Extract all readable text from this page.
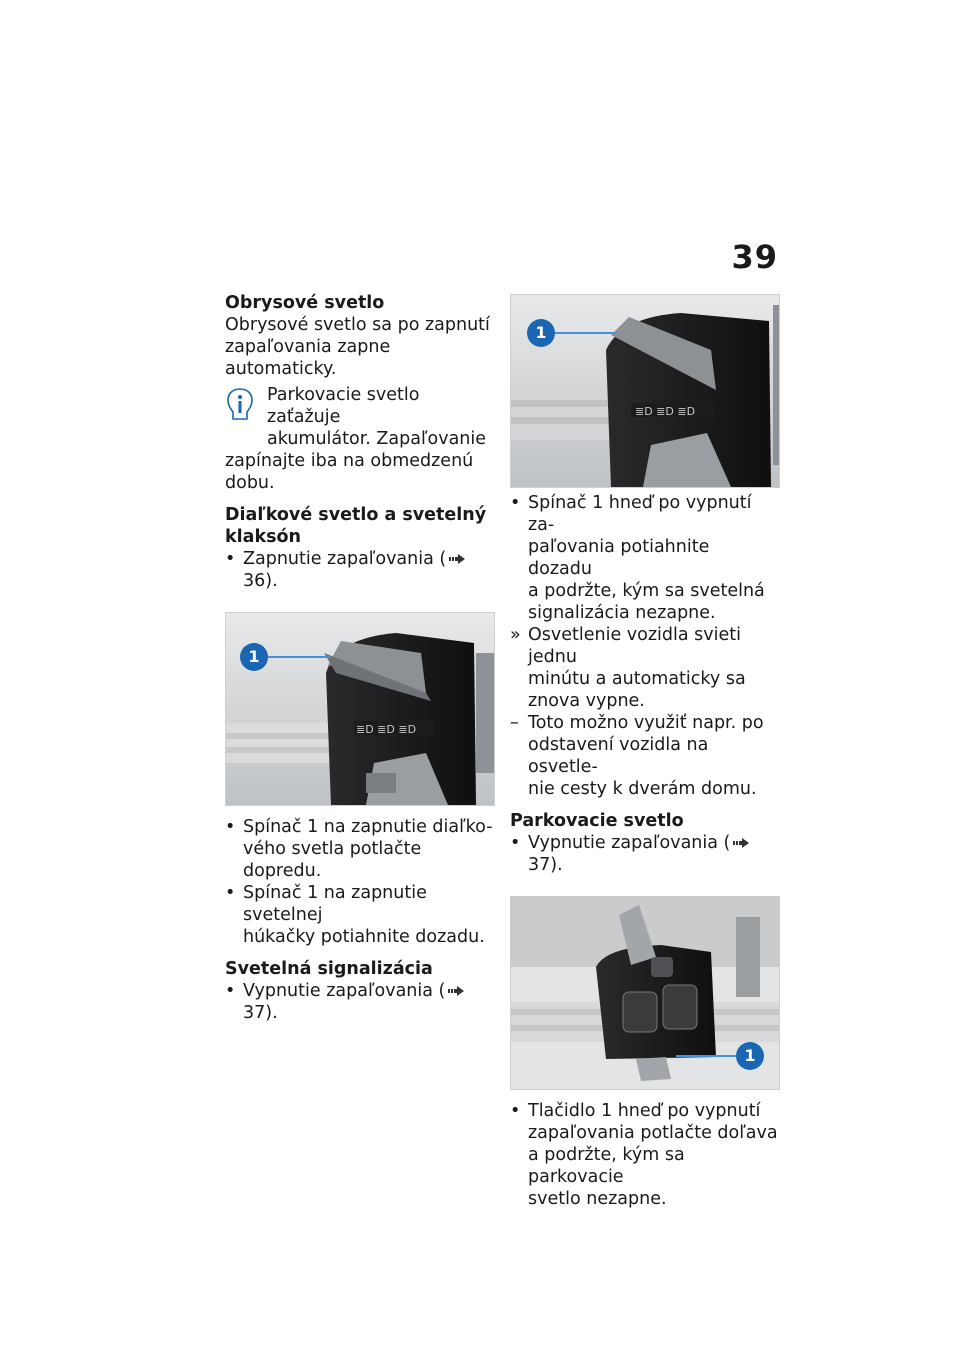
39
Obrysové svetlo
Obrysové svetlo sa po zapnutí
zapaľovania zapne automaticky.
Parkovacie svetlo zaťažuje
akumulátor. Zapaľovanie
zapínajte iba na obmedzenú
dobu.
Diaľkové svetlo a svetelný
klaksón
• Zapnutie zapaľovania (36).
≣D ≣D ≣D
1
• Spínač 1 na zapnutie diaľko-
vého svetla potlačte dopredu.
• Spínač 1 na zapnutie svetelnej
húkačky potiahnite dozadu.
Svetelná signalizácia
• Vypnutie zapaľovania (37).
≣D ≣D ≣D
1
• Spínač 1 hneď po vypnutí za-
paľovania potiahnite dozadu
a podržte, kým sa svetelná
signalizácia nezapne.
» Osvetlenie vozidla svieti jednu
minútu a automaticky sa
znova vypne.
– Toto možno využiť napr. po
odstavení vozidla na osvetle-
nie cesty k dverám domu.
Parkovacie svetlo
• Vypnutie zapaľovania (37).
1
• Tlačidlo 1 hneď po vypnutí
zapaľovania potlačte doľava
a podržte, kým sa parkovacie
svetlo nezapne.
